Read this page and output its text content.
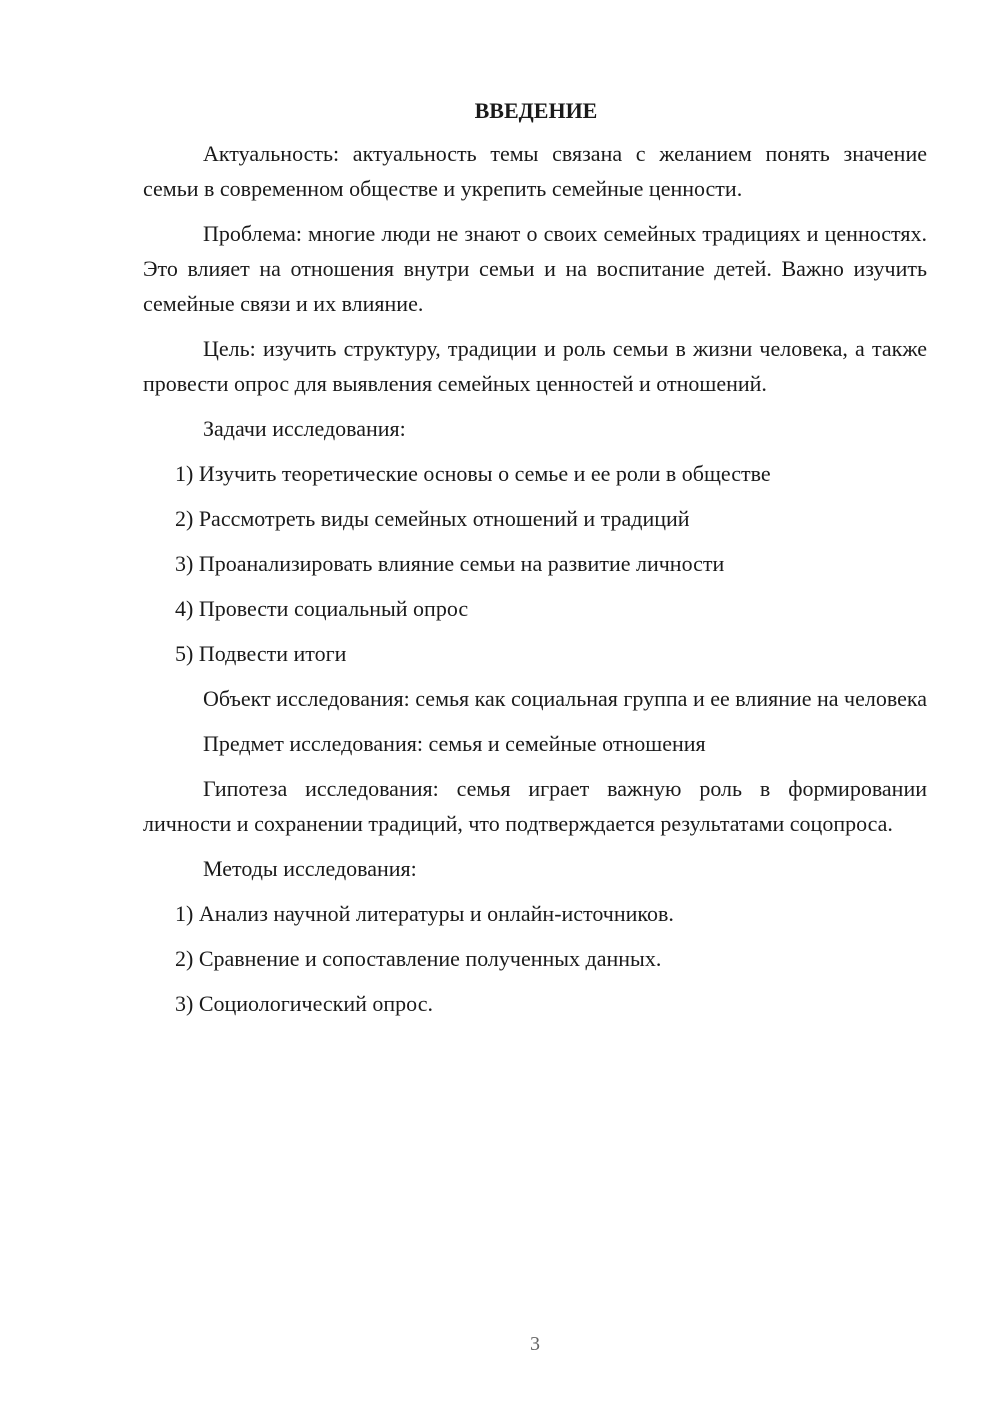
ВВЕДЕНИЕ
Актуальность: актуальность темы связана с желанием понять значение семьи в современном обществе и укрепить семейные ценности.
Проблема: многие люди не знают о своих семейных традициях и ценностях. Это влияет на отношения внутри семьи и на воспитание детей. Важно изучить семейные связи и их влияние.
Цель: изучить структуру, традиции и роль семьи в жизни человека, а также провести опрос для выявления семейных ценностей и отношений.
Задачи исследования:
1) Изучить теоретические основы о семье и ее роли в обществе
2) Рассмотреть виды семейных отношений и традиций
3) Проанализировать влияние семьи на развитие личности
4) Провести социальный опрос
5) Подвести итоги
Объект исследования: семья как социальная группа и ее влияние на человека
Предмет исследования: семья и семейные отношения
Гипотеза исследования: семья играет важную роль в формировании личности и сохранении традиций, что подтверждается результатами соцопроса.
Методы исследования:
1) Анализ научной литературы и онлайн-источников.
2) Сравнение и сопоставление полученных данных.
3) Социологический опрос.
3
